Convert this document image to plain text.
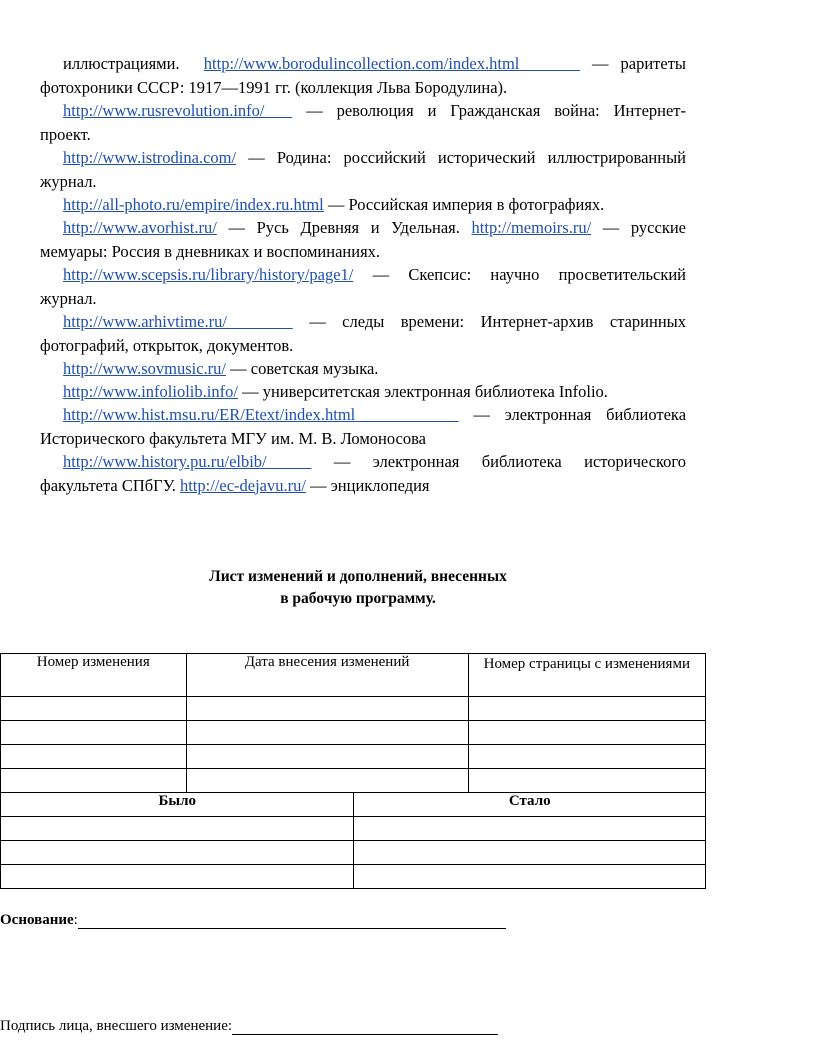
иллюстрациями. http://www.borodulincollection.com/index.html	— раритеты
фотохроники СССР: 1917—1991 гг. (коллекция Льва Бородулина).
http://www.rusrevolution.info/	— революция и Гражданская война: Интернет-
проект.
http://www.istrodina.com/ — Родина: российский исторический иллюстрированный
журнал.
http://all-photo.ru/empire/index.ru.html — Российская империя в фотографиях.
http://www.avorhist.ru/ — Русь Древняя и Удельная. http://memoirs.ru/ — русские
мемуары: Россия в дневниках и воспоминаниях.
http://www.scepsis.ru/library/history/page1/ — Скепсис: научно просветительский
журнал.
http://www.arhivtime.ru/	— следы времени: Интернет-архив старинных
фотографий, открыток, документов.
http://www.sovmusic.ru/ — советская музыка.
http://www.infoliolib.info/ — университетская электронная библиотека Infolio.
http://www.hist.msu.ru/ER/Etext/index.html	— электронная библиотека
Исторического факультета МГУ им. М. В. Ломоносова
http://www.history.pu.ru/elbib/	— электронная библиотека исторического
факультета СПбГУ. http://ec-dejavu.ru/ — энциклопедия
Лист изменений и дополнений, внесенных
в рабочую программу.
Номер изменения	Дата внесения изменений	Номер страницы с изменениями

Было	Стало

Основание:
Подпись лица, внесшего изменение:
